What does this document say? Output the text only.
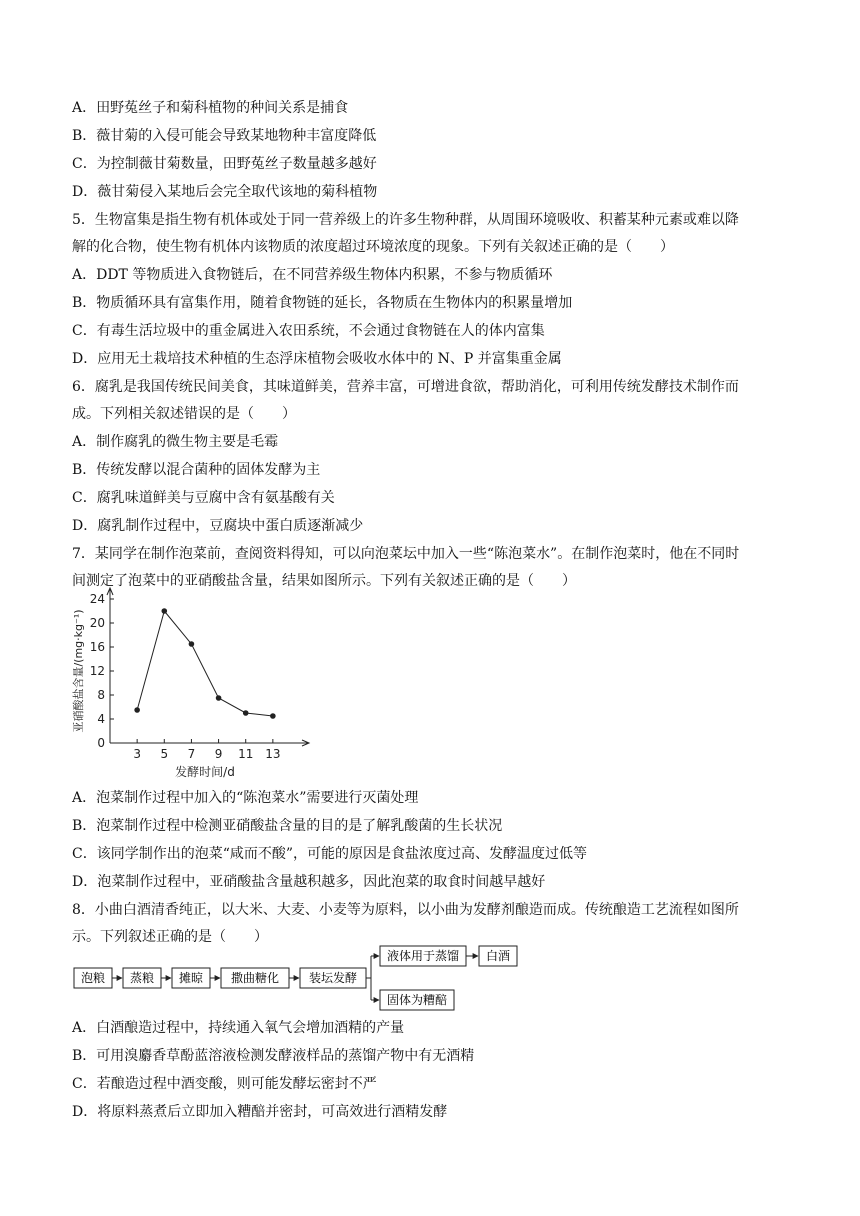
A．田野菟丝子和菊科植物的种间关系是捕食
B．薇甘菊的入侵可能会导致某地物种丰富度降低
C．为控制薇甘菊数量，田野菟丝子数量越多越好
D．薇甘菊侵入某地后会完全取代该地的菊科植物
5．生物富集是指生物有机体或处于同一营养级上的许多生物种群，从周围环境吸收、积蓄某种元素或难以降
解的化合物，使生物有机体内该物质的浓度超过环境浓度的现象。下列有关叙述正确的是（　　）
A．DDT 等物质进入食物链后，在不同营养级生物体内积累，不参与物质循环
B．物质循环具有富集作用，随着食物链的延长，各物质在生物体内的积累量增加
C．有毒生活垃圾中的重金属进入农田系统，不会通过食物链在人的体内富集
D．应用无土栽培技术种植的生态浮床植物会吸收水体中的 N、P 并富集重金属
6．腐乳是我国传统民间美食，其味道鲜美，营养丰富，可增进食欲，帮助消化，可利用传统发酵技术制作而
成。下列相关叙述错误的是（　　）
A．制作腐乳的微生物主要是毛霉
B．传统发酵以混合菌种的固体发酵为主
C．腐乳味道鲜美与豆腐中含有氨基酸有关
D．腐乳制作过程中，豆腐块中蛋白质逐渐减少
7．某同学在制作泡菜前，查阅资料得知，可以向泡菜坛中加入一些“陈泡菜水”。在制作泡菜时，他在不同时
间测定了泡菜中的亚硝酸盐含量，结果如图所示。下列有关叙述正确的是（　　）
0
4
8
12
16
20
24
3 5 7 9 11 13
发酵时间/d
亚硝酸盐含量/(mg·kg⁻¹)
A．泡菜制作过程中加入的“陈泡菜水”需要进行灭菌处理
B．泡菜制作过程中检测亚硝酸盐含量的目的是了解乳酸菌的生长状况
C．该同学制作出的泡菜“咸而不酸”，可能的原因是食盐浓度过高、发酵温度过低等
D．泡菜制作过程中，亚硝酸盐含量越积越多，因此泡菜的取食时间越早越好
8．小曲白酒清香纯正，以大米、大麦、小麦等为原料，以小曲为发酵剂酿造而成。传统酿造工艺流程如图所
示。下列叙述正确的是（　　）
泡粮 蒸粮 摊晾 撒曲糖化 装坛发酵
液体用于蒸馏 白酒
固体为糟醅
A．白酒酿造过程中，持续通入氧气会增加酒精的产量
B．可用溴麝香草酚蓝溶液检测发酵液样品的蒸馏产物中有无酒精
C．若酿造过程中酒变酸，则可能发酵坛密封不严
D．将原料蒸煮后立即加入糟醅并密封，可高效进行酒精发酵
